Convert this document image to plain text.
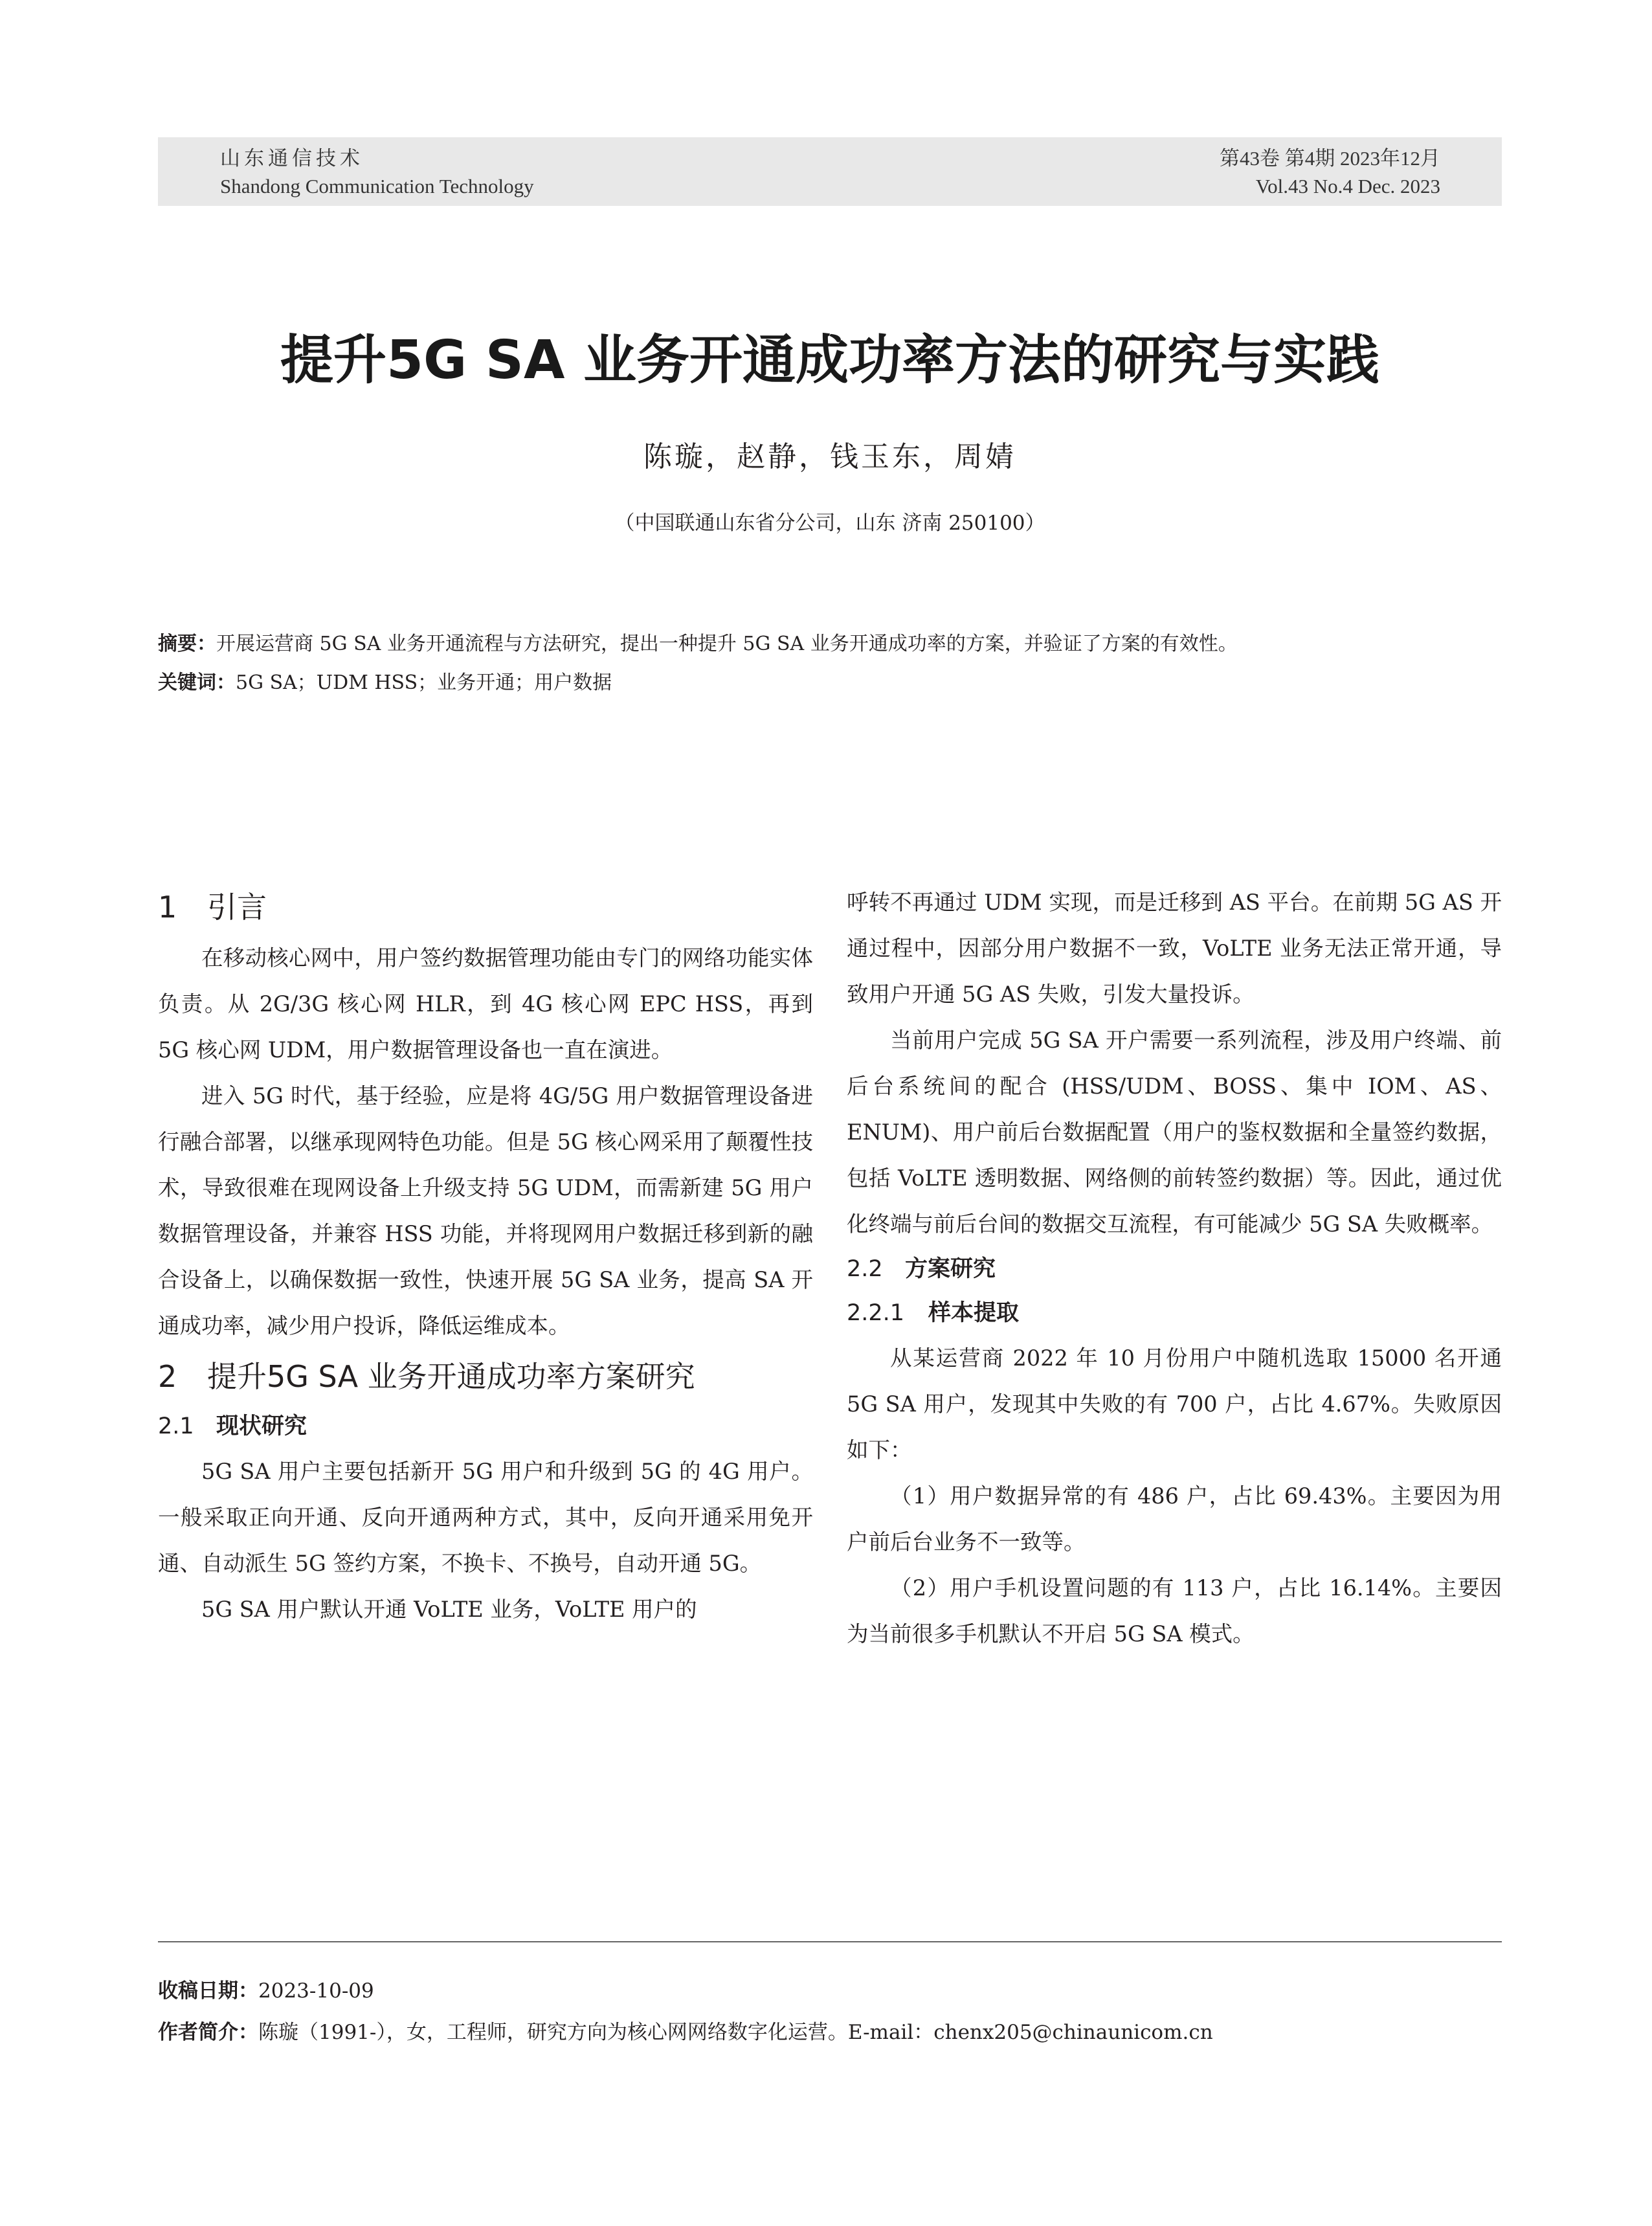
山东通信技术
Shandong Communication Technology
第43卷 第4期 2023年12月
Vol.43 No.4 Dec. 2023
提升5G SA 业务开通成功率方法的研究与实践
陈璇，赵静，钱玉东，周婧
（中国联通山东省分公司，山东 济南 250100）
摘要：开展运营商 5G SA 业务开通流程与方法研究，提出一种提升 5G SA 业务开通成功率的方案，并验证了方案的有效性。
关键词：5G SA；UDM HSS；业务开通；用户数据
1 引言

在移动核心网中，用户签约数据管理功能由专门的网络功能实体负责。从 2G/3G 核心网 HLR，到 4G 核心网 EPC HSS，再到 5G 核心网 UDM，用户数据管理设备也一直在演进。

进入 5G 时代，基于经验，应是将 4G/5G 用户数据管理设备进行融合部署，以继承现网特色功能。但是 5G 核心网采用了颠覆性技术，导致很难在现网设备上升级支持 5G UDM，而需新建 5G 用户数据管理设备，并兼容 HSS 功能，并将现网用户数据迁移到新的融合设备上，以确保数据一致性，快速开展 5G SA 业务，提高 SA 开通成功率，减少用户投诉，降低运维成本。

2 提升5G SA 业务开通成功率方案研究
2.1 现状研究

5G SA 用户主要包括新开 5G 用户和升级到 5G 的 4G 用户。一般采取正向开通、反向开通两种方式，其中，反向开通采用免开通、自动派生 5G 签约方案，不换卡、不换号，自动开通 5G。

5G SA 用户默认开通 VoLTE 业务，VoLTE 用户的

呼转不再通过 UDM 实现，而是迁移到 AS 平台。在前期 5G AS 开通过程中，因部分用户数据不一致，VoLTE 业务无法正常开通，导致用户开通 5G AS 失败，引发大量投诉。

当前用户完成 5G SA 开户需要一系列流程，涉及用户终端、前后台系统间的配合 (HSS/UDM、BOSS、集中 IOM、AS、ENUM)、用户前后台数据配置（用户的鉴权数据和全量签约数据，包括 VoLTE 透明数据、网络侧的前转签约数据）等。因此，通过优化终端与前后台间的数据交互流程，有可能减少 5G SA 失败概率。

2.2 方案研究
2.2.1 样本提取

从某运营商 2022 年 10 月份用户中随机选取 15000 名开通 5G SA 用户，发现其中失败的有 700 户，占比 4.67%。失败原因如下：

（1）用户数据异常的有 486 户，占比 69.43%。主要因为用户前后台业务不一致等。

（2）用户手机设置问题的有 113 户，占比 16.14%。主要因为当前很多手机默认不开启 5G SA 模式。

收稿日期：2023-10-09
作者简介：陈璇（1991-），女，工程师，研究方向为核心网网络数字化运营。E-mail：chenx205@chinaunicom.cn
